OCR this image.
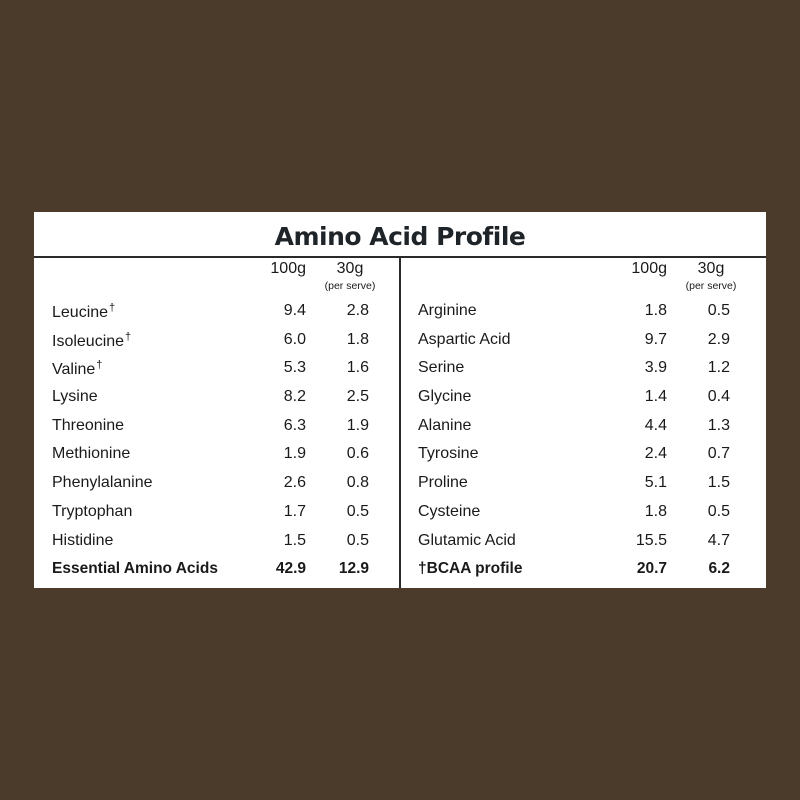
Amino Acid Profile
100g	30g
(per serve)
Leucine†	9.4	2.8
Isoleucine†	6.0	1.8
Valine†	5.3	1.6
Lysine	8.2	2.5
Threonine	6.3	1.9
Methionine	1.9	0.6
Phenylalanine	2.6	0.8
Tryptophan	1.7	0.5
Histidine	1.5	0.5
Essential Amino Acids	42.9	12.9
100g	30g
(per serve)
Arginine	1.8	0.5
Aspartic Acid	9.7	2.9
Serine	3.9	1.2
Glycine	1.4	0.4
Alanine	4.4	1.3
Tyrosine	2.4	0.7
Proline	5.1	1.5
Cysteine	1.8	0.5
Glutamic Acid	15.5	4.7
†BCAA profile	20.7	6.2
